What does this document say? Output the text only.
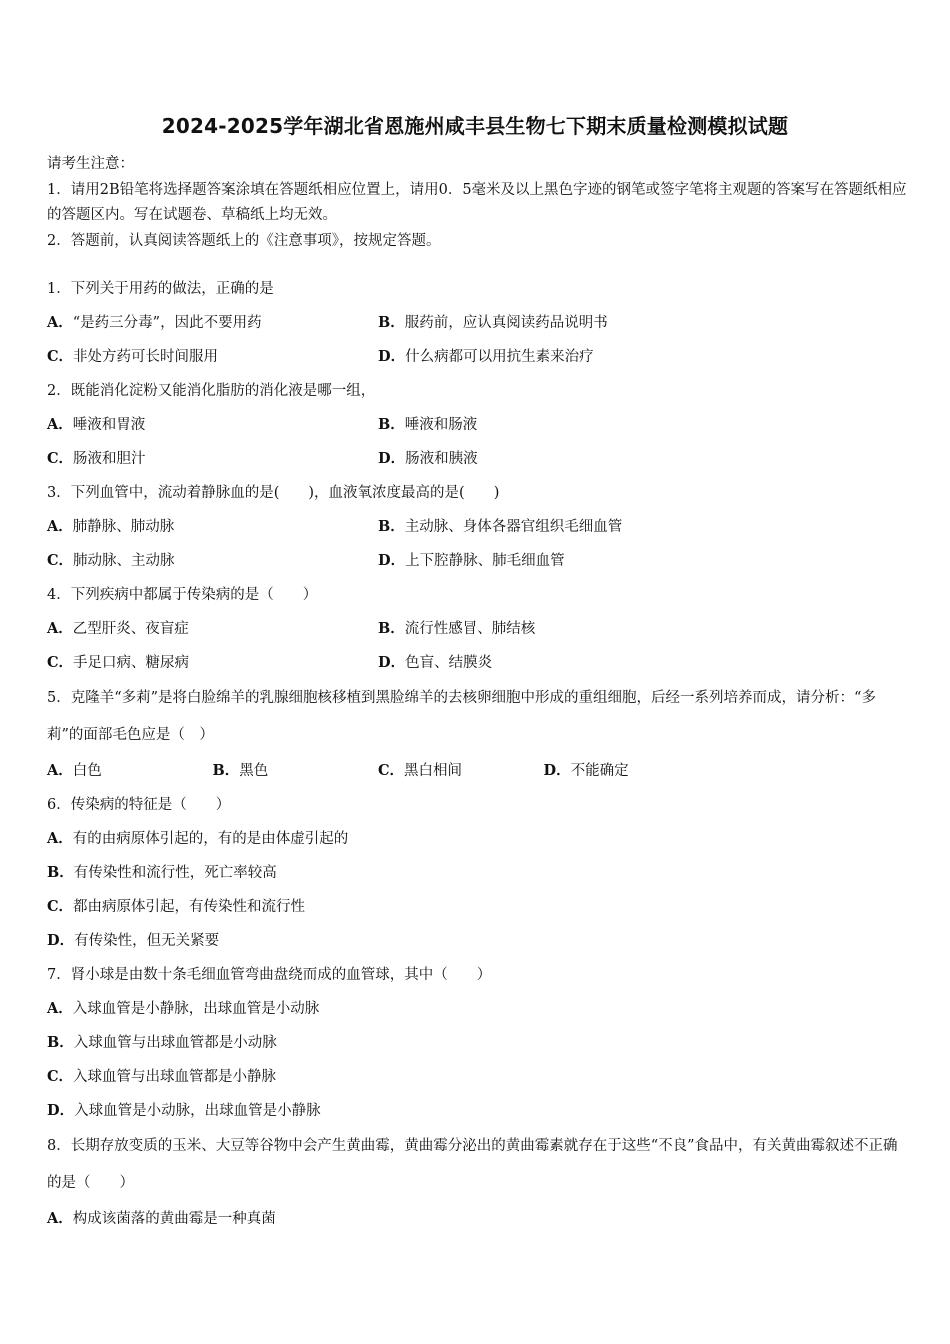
2024-2025学年湖北省恩施州咸丰县生物七下期末质量检测模拟试题

请考生注意：

1．请用2B铅笔将选择题答案涂填在答题纸相应位置上，请用0．5毫米及以上黑色字迹的钢笔或签字笔将主观题的答案写在答题纸相应的答题区内。写在试题卷、草稿纸上均无效。

2．答题前，认真阅读答题纸上的《注意事项》，按规定答题。

1．下列关于用药的做法，正确的是

A．“是药三分毒”，因此不要用药	B．服药前，应认真阅读药品说明书
C．非处方药可长时间服用	D．什么病都可以用抗生素来治疗

2．既能消化淀粉又能消化脂肪的消化液是哪一组，

A．唾液和胃液	B．唾液和肠液
C．肠液和胆汁	D．肠液和胰液

3．下列血管中，流动着静脉血的是(　　)，血液氧浓度最高的是(　　)

A．肺静脉、肺动脉	B．主动脉、身体各器官组织毛细血管
C．肺动脉、主动脉	D．上下腔静脉、肺毛细血管

4．下列疾病中都属于传染病的是（　　）

A．乙型肝炎、夜盲症	B．流行性感冒、肺结核
C．手足口病、糖尿病	D．色盲、结膜炎

5．克隆羊“多莉”是将白脸绵羊的乳腺细胞核移植到黑脸绵羊的去核卵细胞中形成的重组细胞，后经一系列培养而成，请分析：“多莉”的面部毛色应是（　）

A．白色	B．黑色	C．黑白相间	D．不能确定

6．传染病的特征是（　　）

A．有的由病原体引起的，有的是由体虚引起的
B．有传染性和流行性，死亡率较高
C．都由病原体引起，有传染性和流行性
D．有传染性，但无关紧要

7．肾小球是由数十条毛细血管弯曲盘绕而成的血管球，其中（　　）

A．入球血管是小静脉，出球血管是小动脉
B．入球血管与出球血管都是小动脉
C．入球血管与出球血管都是小静脉
D．入球血管是小动脉，出球血管是小静脉

8．长期存放变质的玉米、大豆等谷物中会产生黄曲霉，黄曲霉分泌出的黄曲霉素就存在于这些“不良”食品中，有关黄曲霉叙述不正确的是（　　）

A．构成该菌落的黄曲霉是一种真菌
